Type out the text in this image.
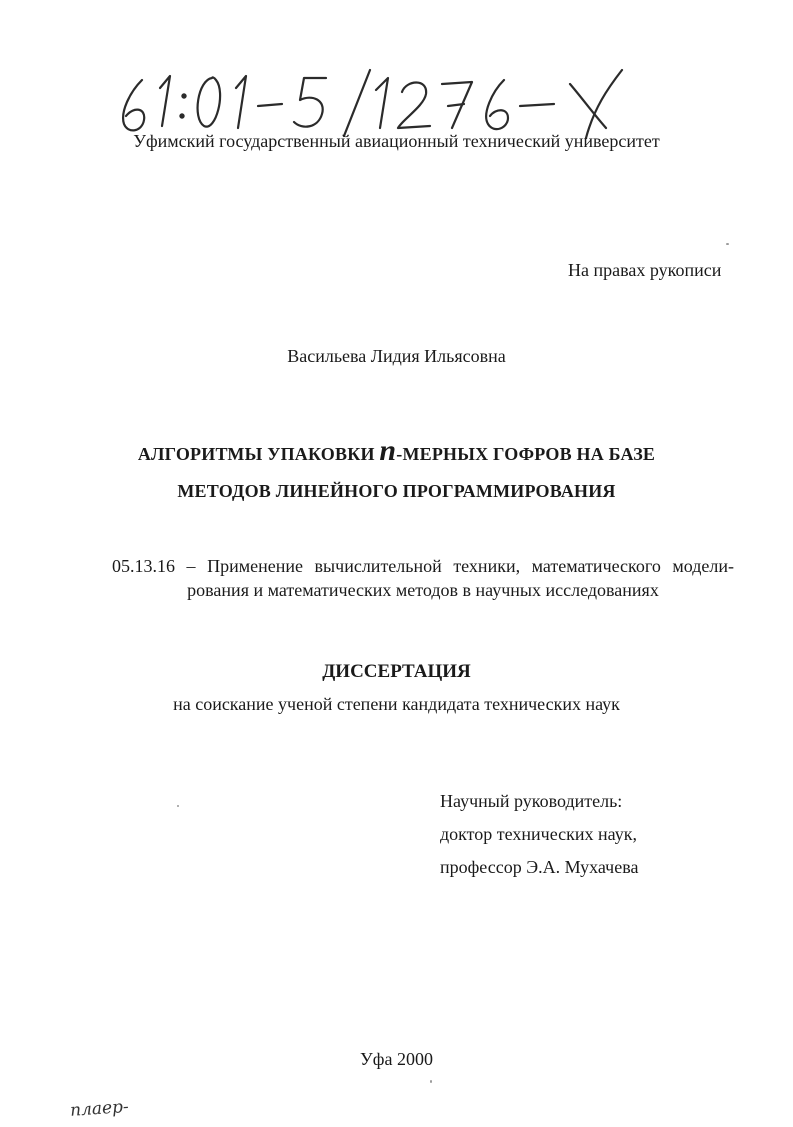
Уфимский государственный авиационный технический университет
На правах рукописи
Васильева Лидия Ильясовна
АЛГОРИТМЫ УПАКОВКИ n-МЕРНЫХ ГОФРОВ НА БАЗЕ
МЕТОДОВ ЛИНЕЙНОГО ПРОГРАММИРОВАНИЯ
05.13.16 – Применение вычислительной техники, математического модели-
рования и математических методов в научных исследованиях
ДИССЕРТАЦИЯ
на соискание ученой степени кандидата технических наук
Научный руководитель:
доктор технических наук,
профессор Э.А. Мухачева
Уфа 2000
плаер-
